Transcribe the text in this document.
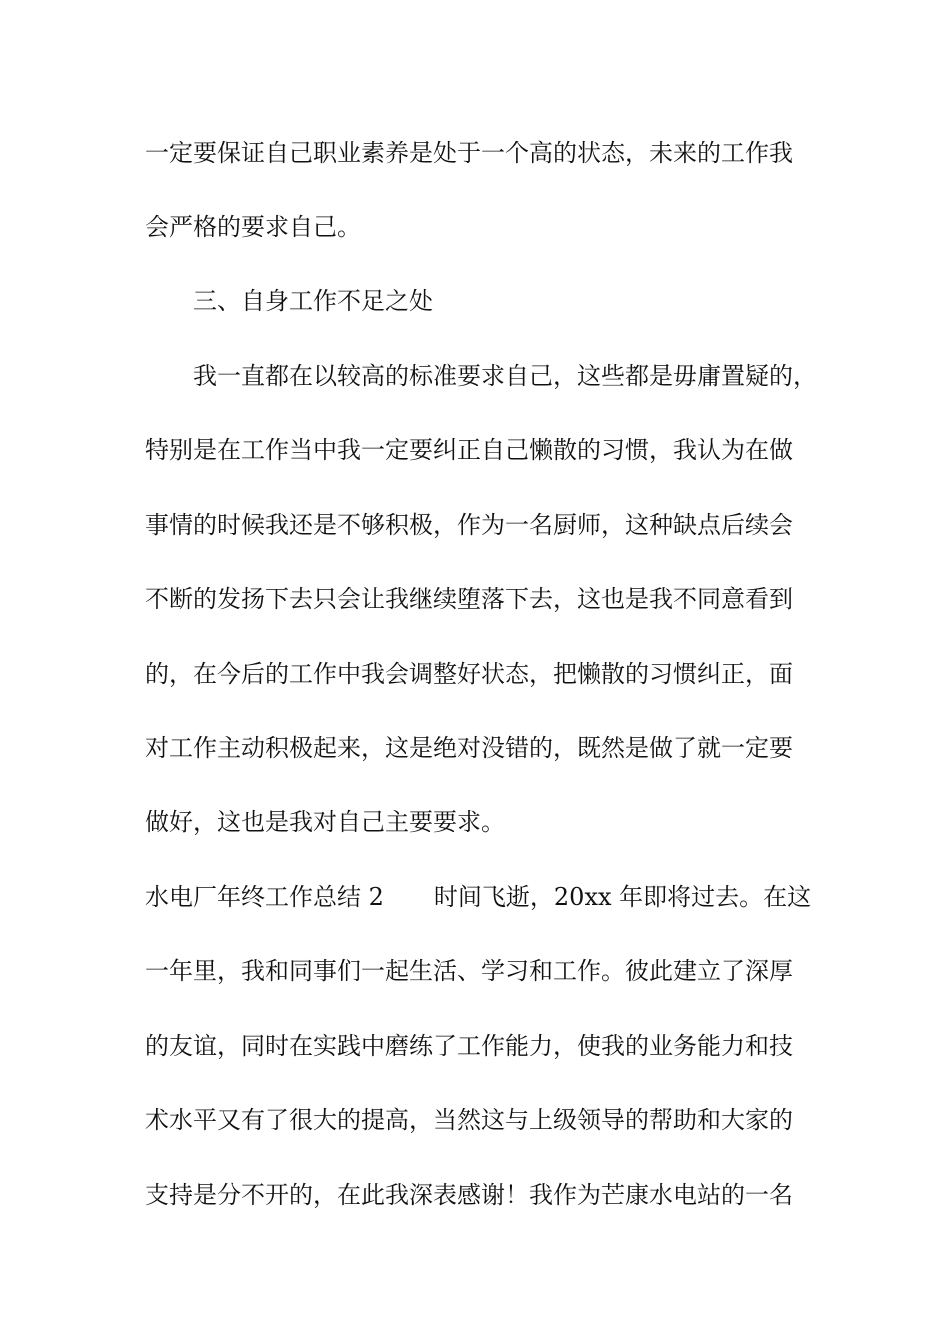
一定要保证自己职业素养是处于一个高的状态，未来的工作我
会严格的要求自己。
三、自身工作不足之处
我一直都在以较高的标准要求自己，这些都是毋庸置疑的，
特别是在工作当中我一定要纠正自己懒散的习惯，我认为在做
事情的时候我还是不够积极，作为一名厨师，这种缺点后续会
不断的发扬下去只会让我继续堕落下去，这也是我不同意看到
的，在今后的工作中我会调整好状态，把懒散的习惯纠正，面
对工作主动积极起来，这是绝对没错的，既然是做了就一定要
做好，这也是我对自己主要要求。
水电厂年终工作总结 2 时间飞逝，20xx 年即将过去。在这
一年里，我和同事们一起生活、学习和工作。彼此建立了深厚
的友谊，同时在实践中磨练了工作能力，使我的业务能力和技
术水平又有了很大的提高，当然这与上级领导的帮助和大家的
支持是分不开的，在此我深表感谢！我作为芒康水电站的一名
